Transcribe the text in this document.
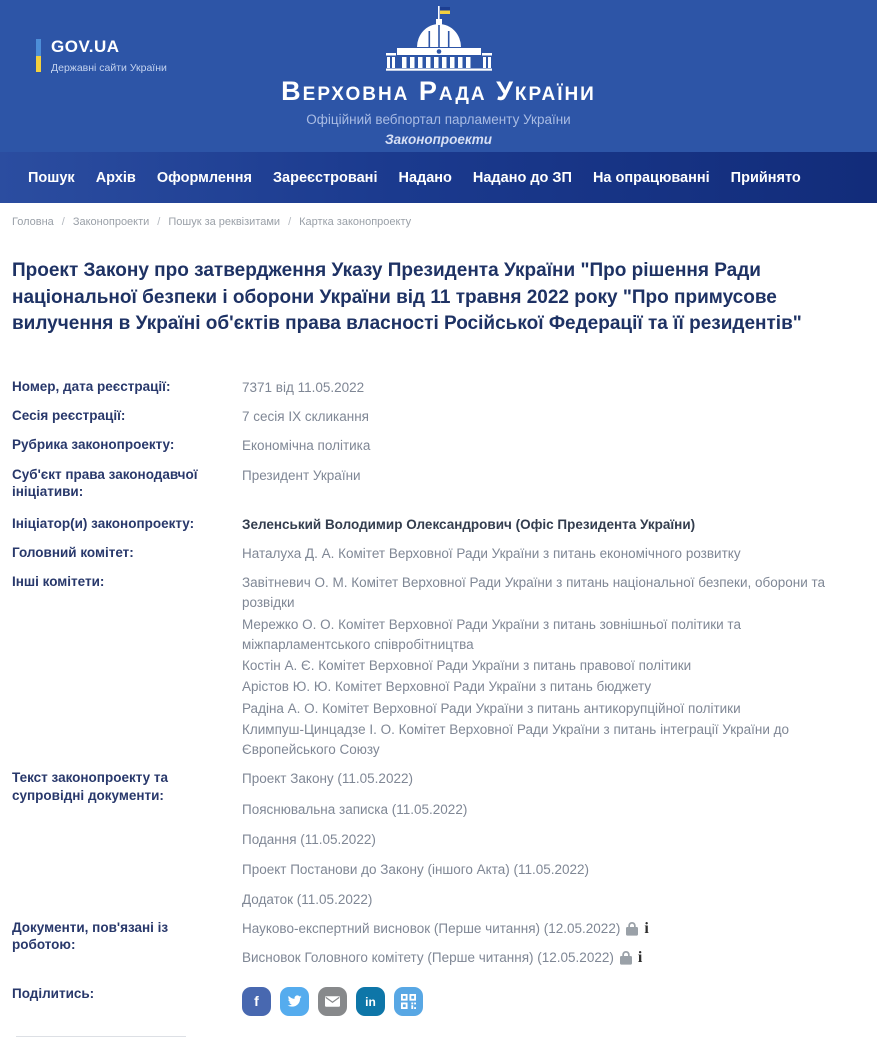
GOV.UA
Державні сайти України
Верховна Рада України
Офіційний вебпортал парламенту України
Законопроекти
Пошук Архів Оформлення Зареєстровані Надано Надано до ЗП На опрацюванні Прийнято
Головна / Законопроекти / Пошук за реквізитами / Картка законопроекту
Проект Закону про затвердження Указу Президента України "Про рішення Ради національної безпеки і оборони України від 11 травня 2022 року "Про примусове вилучення в Україні об'єктів права власності Російської Федерації та її резидентів"
Номер, дата реєстрації:	7371 від 11.05.2022
Сесія реєстрації:	7 сесія IX скликання
Рубрика законопроекту:	Економічна політика
Суб'єкт права законодавчої ініціативи:
Президент України
Ініціатор(и) законопроекту:	Зеленський Володимир Олександрович (Офіс Президента України)
Головний комітет:	Наталуха Д. А. Комітет Верховної Ради України з питань економічного розвитку
Інші комітети:	Завітневич О. М. Комітет Верховної Ради України з питань національної безпеки, оборони та розвідки
Мережко О. О. Комітет Верховної Ради України з питань зовнішньої політики та міжпарламентського співробітництва
Костін А. Є. Комітет Верховної Ради України з питань правової політики
Арістов Ю. Ю. Комітет Верховної Ради України з питань бюджету
Радіна А. О. Комітет Верховної Ради України з питань антикорупційної політики
Климпуш-Цинцадзе І. О. Комітет Верховної Ради України з питань інтеграції України до Європейського Союзу
Текст законопроекту та супровідні документи:
Проект Закону (11.05.2022)
Пояснювальна записка (11.05.2022)
Подання (11.05.2022)
Проект Постанови до Закону (іншого Акта) (11.05.2022)
Додаток (11.05.2022)
Документи, пов'язані із роботою:
Науково-експертний висновок (Перше читання) (12.05.2022) i
Висновок Головного комітету (Перше читання) (12.05.2022) i
Поділитись:	f	in
